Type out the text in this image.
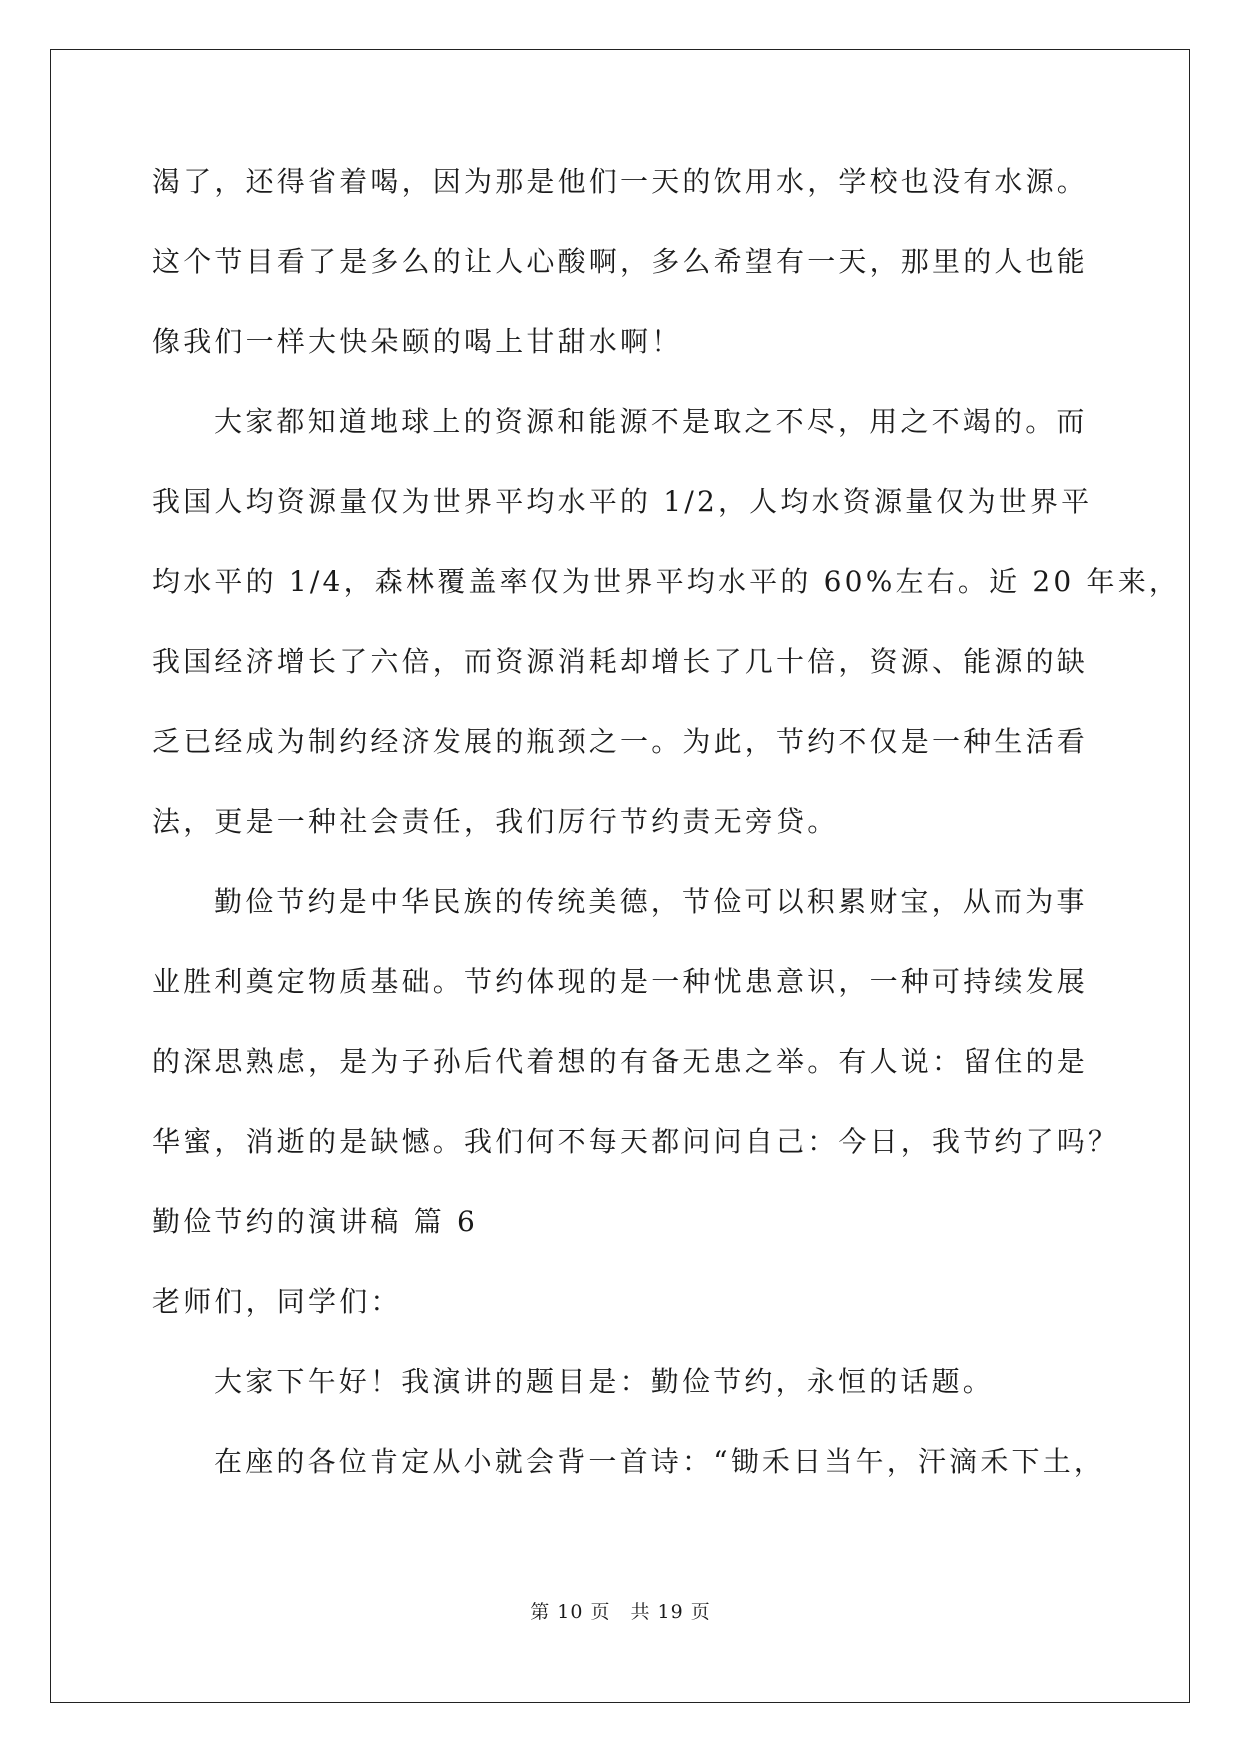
渴了，还得省着喝，因为那是他们一天的饮用水，学校也没有水源。
这个节目看了是多么的让人心酸啊，多么希望有一天，那里的人也能
像我们一样大快朵颐的喝上甘甜水啊！
大家都知道地球上的资源和能源不是取之不尽，用之不竭的。而
我国人均资源量仅为世界平均水平的 1/2，人均水资源量仅为世界平
均水平的 1/4，森林覆盖率仅为世界平均水平的 60%左右。近 20 年来，
我国经济增长了六倍，而资源消耗却增长了几十倍，资源、能源的缺
乏已经成为制约经济发展的瓶颈之一。为此，节约不仅是一种生活看
法，更是一种社会责任，我们厉行节约责无旁贷。
勤俭节约是中华民族的传统美德，节俭可以积累财宝，从而为事
业胜利奠定物质基础。节约体现的是一种忧患意识，一种可持续发展
的深思熟虑，是为子孙后代着想的有备无患之举。有人说：留住的是
华蜜，消逝的是缺憾。我们何不每天都问问自己：今日，我节约了吗？
勤俭节约的演讲稿 篇 6
老师们，同学们：
大家下午好！我演讲的题目是：勤俭节约，永恒的话题。
在座的各位肯定从小就会背一首诗：“锄禾日当午，汗滴禾下土，
第 10 页　共 19 页
